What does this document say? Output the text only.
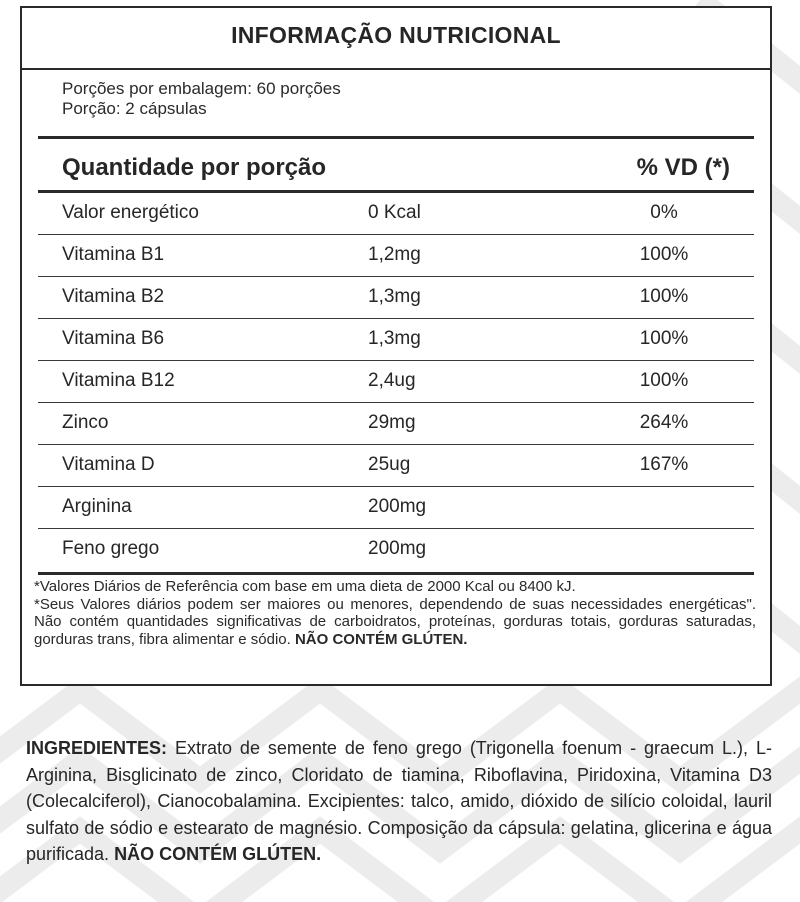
INFORMAÇÃO NUTRICIONAL
Porções por embalagem: 60 porções
Porção: 2 cápsulas
Quantidade por porção	% VD (*)
Valor energético	0 Kcal	0%
Vitamina B1	1,2mg	100%
Vitamina B2	1,3mg	100%
Vitamina B6	1,3mg	100%
Vitamina B12	2,4ug	100%
Zinco	29mg	264%
Vitamina D	25ug	167%
Arginina	200mg
Feno grego	200mg

*Valores Diários de Referência com base em uma dieta de 2000 Kcal ou 8400 kJ.

*Seus Valores diários podem ser maiores ou menores, dependendo de suas necessidades energéticas". Não contém quantidades significativas de carboidratos, proteínas, gorduras totais, gorduras saturadas, gorduras trans, fibra alimentar e sódio. NÃO CONTÉM GLÚTEN.

INGREDIENTES: Extrato de semente de feno grego (Trigonella foenum - graecum L.), L-Arginina, Bisglicinato de zinco, Cloridato de tiamina, Riboflavina, Piridoxina, Vitamina D3 (Colecalciferol), Cianocobalamina. Excipientes: talco, amido, dióxido de silício coloidal, lauril sulfato de sódio e estearato de magnésio. Composição da cápsula: gelatina, glicerina e água purificada. NÃO CONTÉM GLÚTEN.
